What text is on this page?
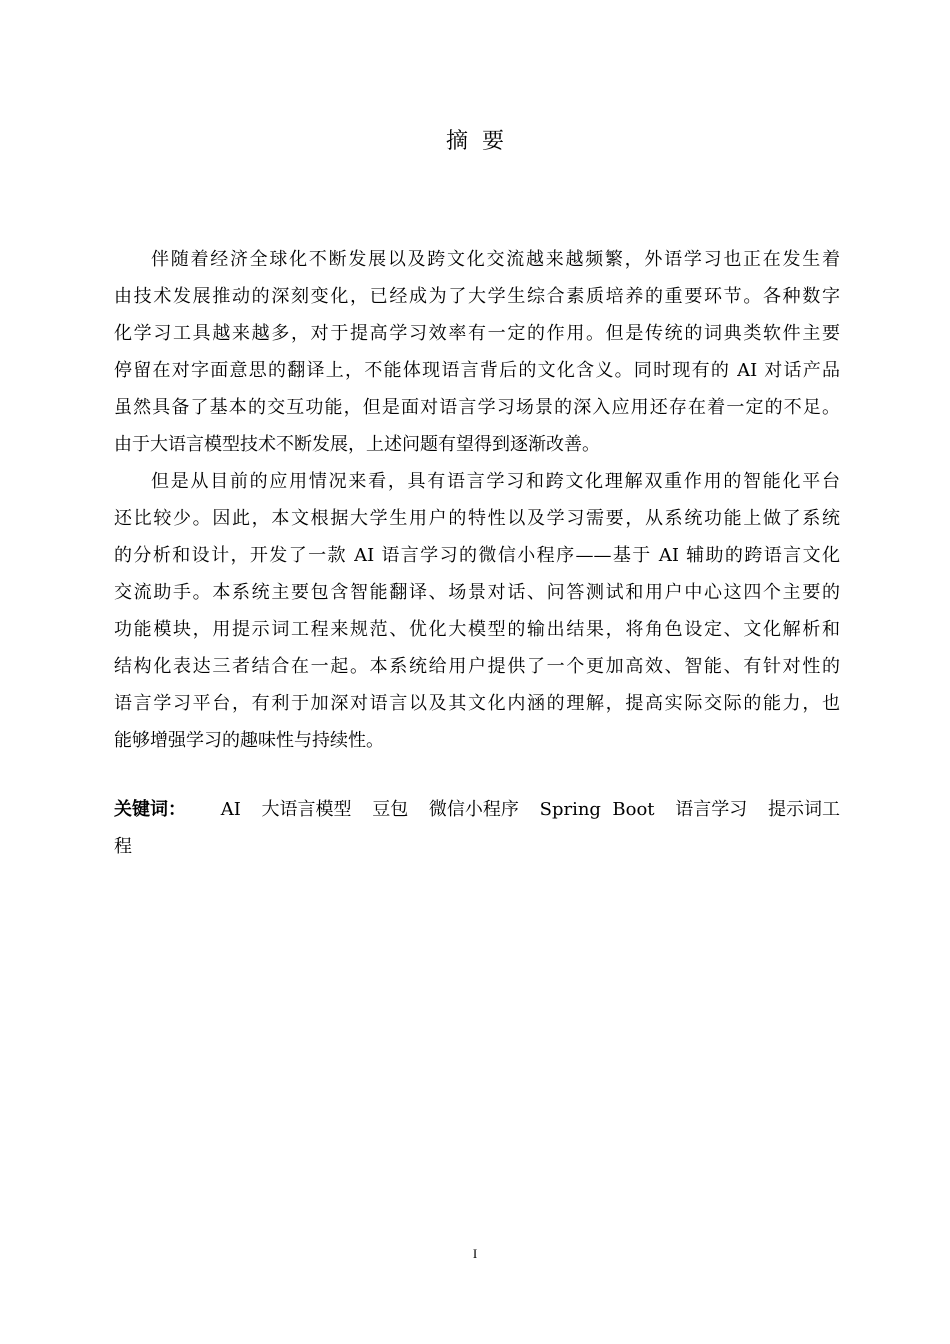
摘  要

伴随着经济全球化不断发展以及跨文化交流越来越频繁，外语学习也正在发生着
由技术发展推动的深刻变化，已经成为了大学生综合素质培养的重要环节。各种数字
化学习工具越来越多，对于提高学习效率有一定的作用。但是传统的词典类软件主要
停留在对字面意思的翻译上，不能体现语言背后的文化含义。同时现有的 AI 对话产品
虽然具备了基本的交互功能，但是面对语言学习场景的深入应用还存在着一定的不足。
由于大语言模型技术不断发展，上述问题有望得到逐渐改善。

但是从目前的应用情况来看，具有语言学习和跨文化理解双重作用的智能化平台
还比较少。因此，本文根据大学生用户的特性以及学习需要，从系统功能上做了系统
的分析和设计，开发了一款 AI 语言学习的微信小程序——基于 AI 辅助的跨语言文化
交流助手。本系统主要包含智能翻译、场景对话、问答测试和用户中心这四个主要的
功能模块，用提示词工程来规范、优化大模型的输出结果，将角色设定、文化解析和
结构化表达三者结合在一起。本系统给用户提供了一个更加高效、智能、有针对性的
语言学习平台，有利于加深对语言以及其文化内涵的理解，提高实际交际的能力，也
能够增强学习的趣味性与持续性。

关键词： AI 大语言模型 豆包 微信小程序 Spring  Boot 语言学习 提示词工
程
I
